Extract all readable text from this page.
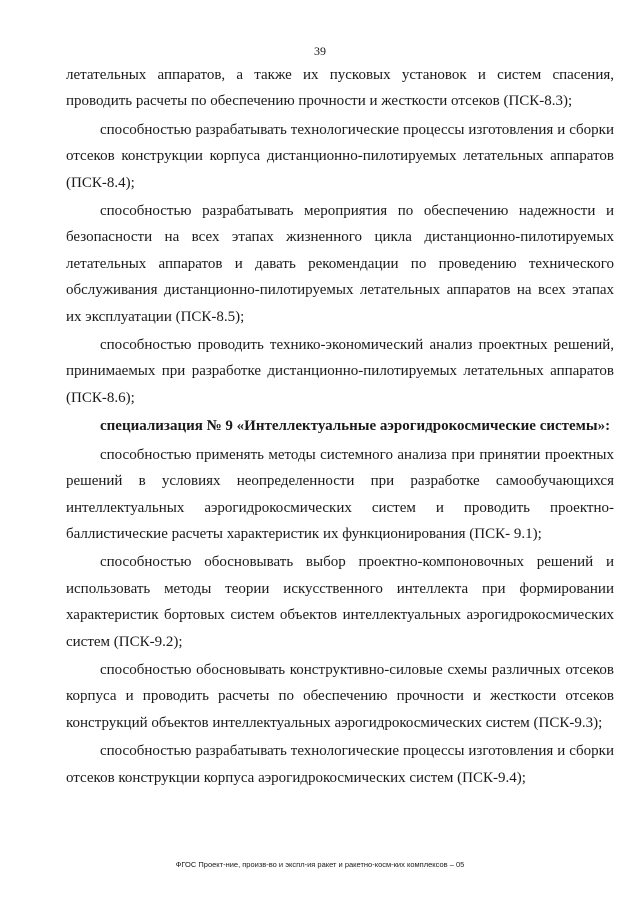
39

летательных аппаратов, а также их пусковых установок и систем спасения, проводить расчеты по обеспечению прочности и жесткости отсеков (ПСК-8.3);

способностью разрабатывать технологические процессы изготовления и сборки отсеков конструкции корпуса дистанционно-пилотируемых летательных аппаратов (ПСК-8.4);

способностью разрабатывать мероприятия по обеспечению надежности и безопасности на всех этапах жизненного цикла дистанционно-пилотируемых летательных аппаратов и давать рекомендации по проведению технического обслуживания дистанционно-пилотируемых летательных аппаратов на всех этапах их эксплуатации (ПСК-8.5);

способностью проводить технико-экономический анализ проектных решений, принимаемых при разработке дистанционно-пилотируемых летательных аппаратов (ПСК-8.6);

специализация № 9 «Интеллектуальные аэрогидрокосмические системы»:

способностью применять методы системного анализа при принятии проектных решений в условиях неопределенности при разработке самообучающихся интеллектуальных аэрогидрокосмических систем и проводить проектно-баллистические расчеты характеристик их функционирования (ПСК- 9.1);

способностью обосновывать выбор проектно-компоновочных решений и использовать методы теории искусственного интеллекта при формировании характеристик бортовых систем объектов интеллектуальных аэрогидрокосмических систем (ПСК-9.2);

способностью обосновывать конструктивно-силовые схемы различных отсеков корпуса и проводить расчеты по обеспечению прочности и жесткости отсеков конструкций объектов интеллектуальных аэрогидрокосмических систем (ПСК-9.3);

способностью разрабатывать технологические процессы изготовления и сборки отсеков конструкции корпуса аэрогидрокосмических систем (ПСК-9.4);

ФГОС Проект-ние, произв-во и экспл-ия ракет и ракетно-косм-ких комплексов – 05
